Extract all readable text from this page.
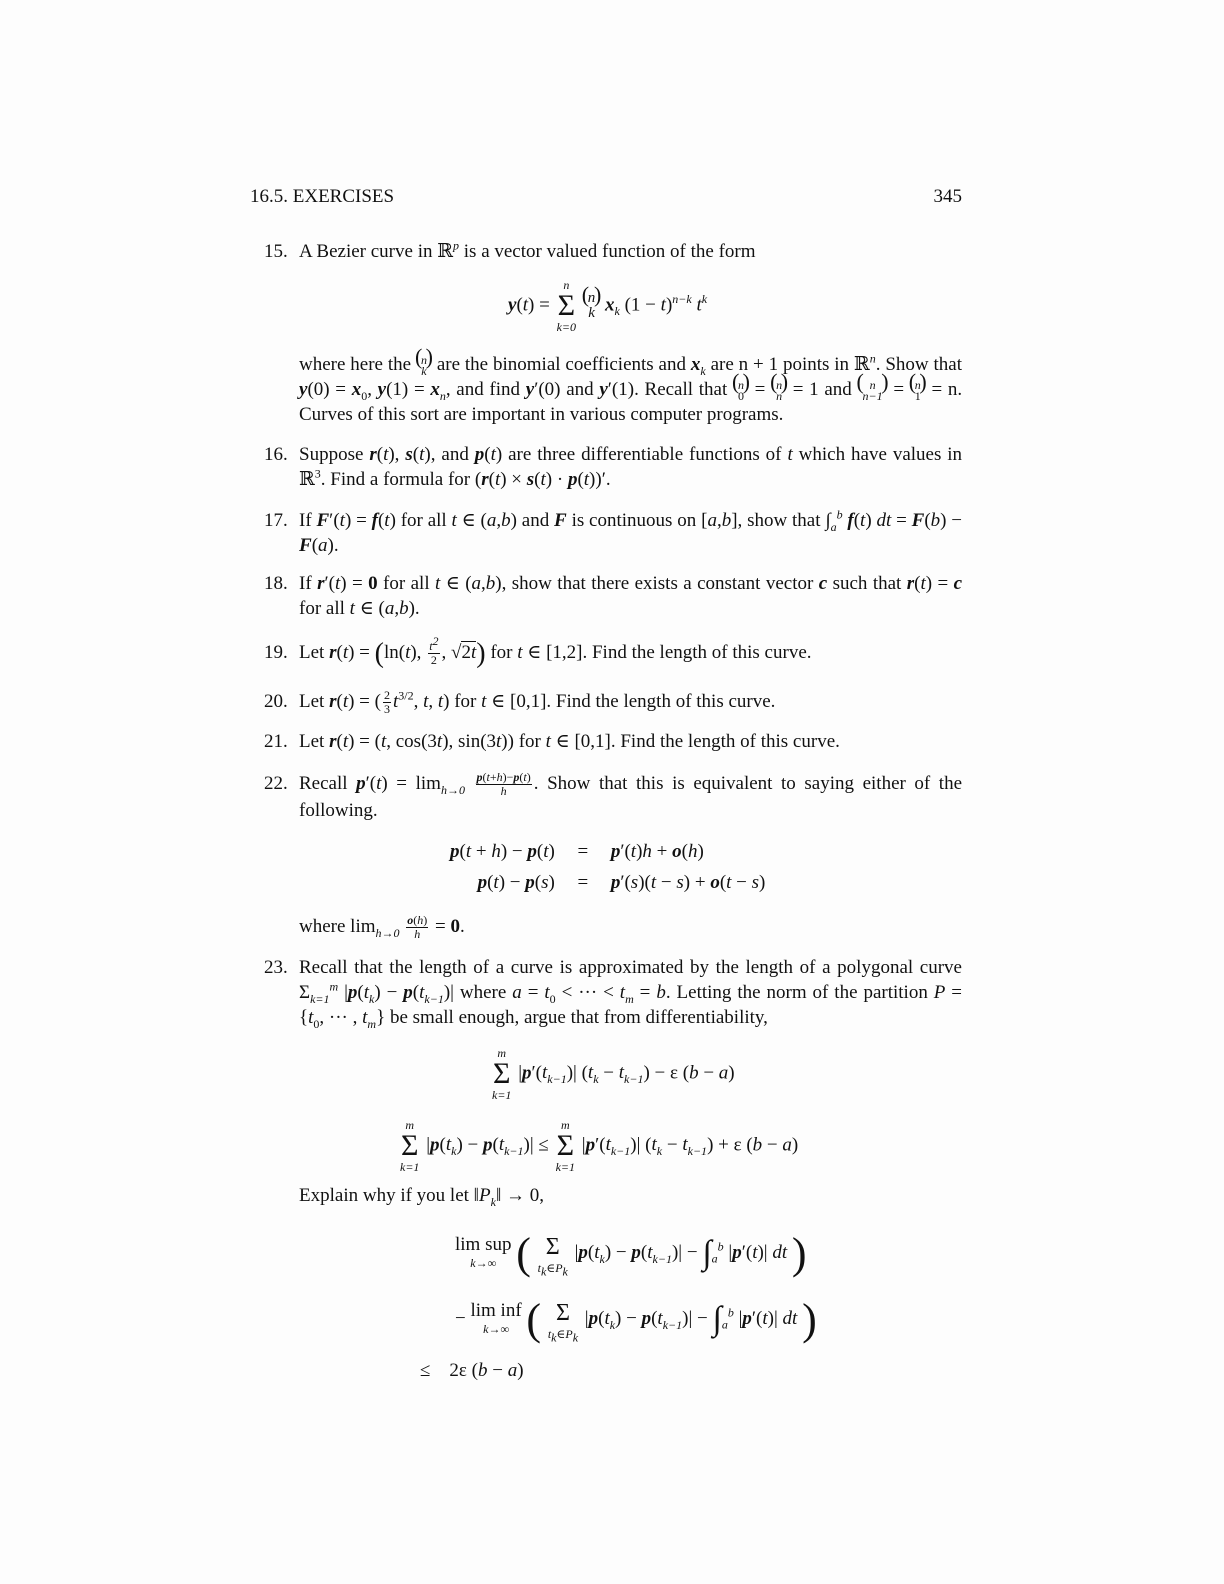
16.5. EXERCISES	345
15. A Bezier curve in ℝ$^p$ is a vector valued function of the form
y(t) =
n
Σ
k=0

( n
k
) $x_k$ $(1 - t)^{n-k}$ $t^k$
where here the ( n
k
) are the binomial coefficients and $x_k$ are n + 1 points in ℝ$^n$. Show that $y(0) = x_0$, $y(1) = x_n$, and find y′(0) and y′(1). Recall that ( n
0
) = ( n
n
) = 1 and	( n
n−1
) = ( n
1
) = n. Curves of this sort are important in various computer programs.
16. Suppose r(t), s(t), and p(t) are three differentiable functions of t which have values in ℝ$^3$. Find a formula for (r(t) × s(t) · p(t))′.
17. If F′(t) = f(t) for all t ∈ (a,b) and F is continuous on [a,b], show that $\int_a^b$ f(t) dt = F(b) − F(a).
18. If r′(t) = 0 for all t ∈ (a,b), show that there exists a constant vector c such that r(t) = c for all t ∈ (a,b).
19. Let r(t) = (ln(t), $\frac{t^2}{2}$ , √2t) for t ∈ [1,2]. Find the length of this curve.
20. Let r(t) = ( $\frac{2}{3} t^{3/2}$, t, t) for t ∈ [0,1]. Find the length of this curve.
21. Let r(t) = (t, cos(3t), sin(3t)) for t ∈ [0,1]. Find the length of this curve.
22. Recall $p'(t) = \lim_{h\to 0} \frac{p(t+h)-p(t)}{h}$ . Show that this is equivalent to saying either of the following.
p(t + h) − p(t)	=	p′(t)h + o(h)
p(t) − p(s)	=	p′(s)(t − s) + o(t − s)
where $\lim_{h\to 0} \frac{o(h)}{h} = 0$.
23. Recall that the length of a curve is approximated by the length of a polygonal curve $\Sigma_{k=1}^m$ $|p(t_k) - p(t_{k-1})|$ where $a = t_0$ < ··· < $t_m = b$. Letting the norm of the partition $P = \{t_0$, ··· , $t_m$} be small enough, argue that from differentiability,
m
Σ
k=1
$|p'(t_{k-1})|$ $(t_k - t_{k-1}) - \varepsilon$ (b − a)
m
Σ
k=1
$|p(t_k) - p(t_{k-1})|$ ≤
m
Σ
k=1
$|p'(t_{k-1})|$ $(t_k - t_{k-1}) + \varepsilon$ (b − a)
Explain why if you let $‖P_k‖ \to 0$,
lim sup
k→∞ ( Σ
$t_k\in P_k$
$|p(t_k) - p(t_{k-1})| - \int_a^b$ |p′(t)| dt )
− lim inf
k→∞ ( Σ
$t_k\in P_k$
$|p(t_k) - p(t_{k-1})| - \int_a^b$ |p′(t)| dt )
≤    2ε (b − a)
